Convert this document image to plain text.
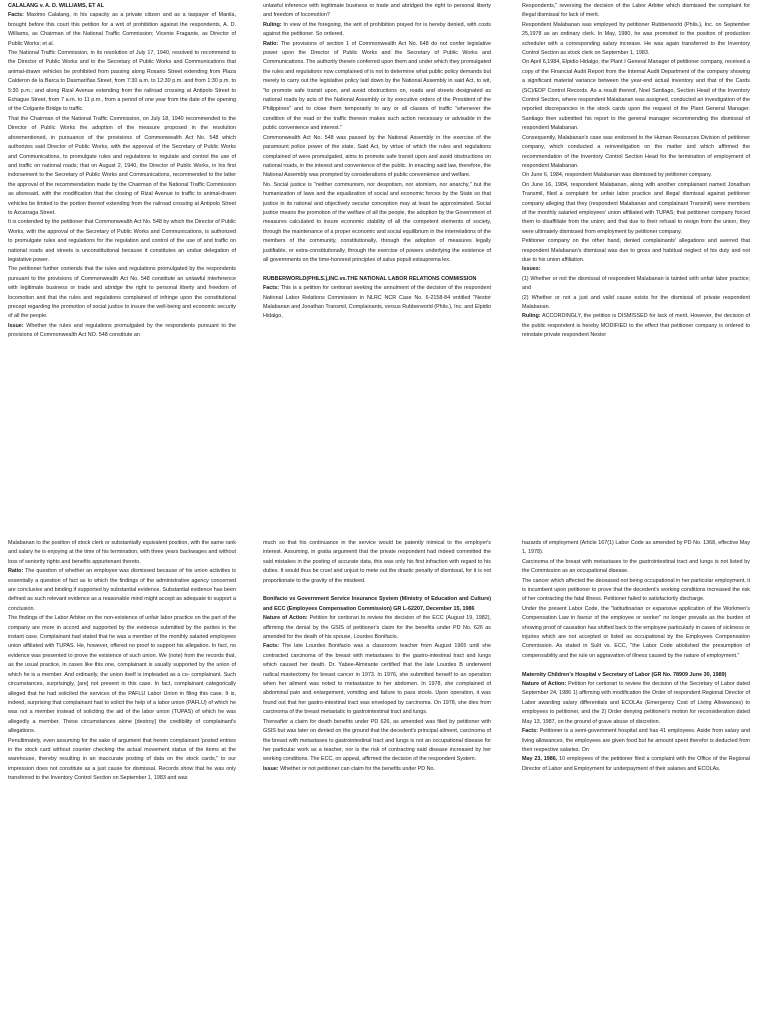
CALALANG v. A. D. WILLIAMS, ET AL

Facts: Maximo Calalang, in his capacity as a private citizen and as a taxpayer of Manila, brought before this court this petition for a writ of prohibition against the respondents, A. D. Williams, as Chairman of the National Traffic Commission; Vicente Fragante, as Director of Public Works; et al.

The National Traffic Commission, in its resolution of July 17, 1940, resolved to recommend to the Director of Public Works and to the Secretary of Public Works and Communications that animal-drawn vehicles be prohibited from passing along Rosario Street extending from Plaza Calderon de la Barca to Dasmariñas Street, from 7:30 a.m. to 12:30 p.m. and from 1:30 p.m. to 5:30 p.m.; and along Rizal Avenue extending from the railroad crossing at Antipolo Street to Echague Street, from 7 a.m. to 11 p.m., from a period of one year from the date of the opening of the Colgante Bridge to traffic.

That the Chairman of the National Traffic Commission, on July 18, 1940 recommended to the Director of Public Works the adoption of the measure proposed in the resolution aforementioned, in pursuance of the provisions of Commonwealth Act No. 548 which authorizes said Director of Public Works, with the approval of the Secretary of Public Works and Communications, to promulgate rules and regulations to regulate and control the use of and traffic on national roads; that on August 2, 1940, the Director of Public Works, in his first indorsement to the Secretary of Public Works and Communications, recommended to the latter the approval of the recommendation made by the Chairman of the National Traffic Commission as aforesaid, with the modification that the closing of Rizal Avenue to traffic to animal-drawn vehicles be limited to the portion thereof extending from the railroad crossing at Antipolo Street to Azcarraga Street.

It is contended by the petitioner that Commonwealth Act No. 548 by which the Director of Public Works, with the approval of the Secretary of Public Works and Communications, is authorized to promulgate rules and regulations for the regulation and control of the use of and traffic on national roads and streets is unconstitutional because it constitutes an undue delegation of legislative power.

The petitioner further contends that the rules and regulations promulgated by the respondents pursuant to the provisions of Commonwealth Act No. 548 constitute an unlawful interference with legitimate business or trade and abridge the right to personal liberty and freedom of locomotion and that the rules and regulations complained of infringe upon the constitutional precept regarding the promotion of social justice to insure the well-being and economic security of all the people.

Issue: Whether the rules and regulations promulgated by the respondents pursuant to the provisions of Commonwealth Act NO. 548 constitute an

unlawful inference with legitimate business or trade and abridged the right to personal liberty and freedom of locomotion?

Ruling: In view of the foregoing, the writ of prohibition prayed for is hereby denied, with costs against the petitioner. So ordered.

Ratio: The provisions of section 1 of Commonwealth Act No. 648 do not confer legislative power upon the Director of Public Works and the Secretary of Public Works and Communications. The authority therein conferred upon them and under which they promulgated the rules and regulations now complained of is not to determine what public policy demands but merely to carry out the legislative policy laid down by the National Assembly in said Act, to wit, "to promote safe transit upon, and avoid obstructions on, roads and streets designated as national roads by acts of the National Assembly or by executive orders of the President of the Philippines" and to close them temporarily to any or all classes of traffic "whenever the condition of the road or the traffic thereon makes such action necessary or advisable in the public convenience and interest."

Commonwealth Act No. 548 was passed by the National Assembly in the exercise of the paramount police power of the state. Said Act, by virtue of which the rules and regulations complained of were promulgated, aims to promote safe transit upon and avoid obstructions on national roads, in the interest and convenience of the public. In enacting said law, therefore, the National Assembly was prompted by considerations of public convenience and welfare.

No. Social justice is "neither communism, nor despotism, nor atomism, nor anarchy," but the humanization of laws and the equalization of social and economic forces by the State so that justice in its rational and objectively secular conception may at least be approximated. Social justice means the promotion of the welfare of all the people, the adoption by the Government of measures calculated to insure economic stability of all the competent elements of society, through the maintenance of a proper economic and social equilibrium in the interrelations of the members of the community, constitutionally, through the adoption of measures legally justifiable, or extra-constitutionally, through the exercise of powers underlying the existence of all governments on the time-honored principles of salus populi estsuprema lex.

RUBBERWORLD(PHILS.),INC.vs.THE NATIONAL LABOR RELATIONS COMMISSION

Facts: This is a petition for certiorari seeking the annulment of the decision of the respondent National Labor Relations Commission in NLRC NCR Case No. 6-2158-84 entitled "Nestor Malabanan and Jonathan Transmil, Complainants, versus Rubberworld (Phils.), Inc. and Elpidio Hidalgo,

Respondents," reversing the decision of the Labor Arbiter which dismissed the complaint for illegal dismissal for lack of merit.

Respondent Malabanan was employed by petitioner Rubberworld (Phils.), Inc. on September 25,1978 as an ordinary clerk. In May, 1980, he was promoted to the position of production scheduler with a corresponding salary increase. He was again transferred to the Inventory Control Section as stock clerk on September 1, 1983.

On April 6,1984, Elpidio Hidalgo, the Plant I General Manager of petitioner company, received a copy of the Financial Audit Report from the Internal Audit Department of the company showing a significant material variance between the year-end actual inventory and that of the Cards (SC)/EDP Control Records. As a result thereof, Noel Santiago, Section Head of the Inventory Control Section, where respondent Malabanan was assigned, conducted an investigation of the reported discrepancies in the stock cards upon the request of the Plant General Manager. Santiago then submitted his report to the general manager recommending the dismissal of respondent Malabanan.

Consequently, Malabanan's case was endorsed to the Human Resources Division of petitioner company, which conducted a reinvestigation on the matter and which affirmed the recommendation of the Inventory Control Section Head for the termination of employment of respondent Malabanan.

On June 6, 1984, respondent Malabanan was dismissed by petitioner company.

On June 16, 1984, respondent Malabanan, along with another complainant named Jonathan Transmil, filed a complaint for unfair labor practice and illegal dismissal against petitioner company alleging that they (respondent Malabanan and complainant Transmil) were members of the monthly salaried employees' union affiliated with TUPAS; that petitioner company forced them to disaffiliate from the union; and that due to their refusal to resign from the union, they were ultimately dismissed from employment by petitioner company.

Petitioner company on the other hand, denied complainants' allegations and averred that respondent Malabanan's dismissal was due to gross and habitual neglect of his duty and not due to his union affiliation.

Issues:

(1) Whether or not the dismissal of respondent Malabanan is tainted with unfair labor practice; and

(2) Whether or not a just and valid cause exists for the dismissal of private respondent Malabanan.

Ruling: ACCORDINGLY, the petition is DISMISSED for lack of merit. However, the decision of the public respondent is hereby MODIFIED to the effect that petitioner company is ordered to reinstate private respondent Nestor

Malabanan to the position of stock clerk or substantially equivalent position, with the same rank and salary he is enjoying at the time of his termination, with three years backwages and without loss of seniority rights and benefits appurtenant thereto.

Ratio: The question of whether an employee was dismissed because of his union activities is essentially a question of fact as to which the findings of the administrative agency concerned are conclusive and binding if supported by substantial evidence. Substantial evidence has been defined as such relevant evidence as a reasonable mind might accept as adequate to support a conclusion.

The findings of the Labor Arbiter on the non-existence of unfair labor practice on the part of the company are more in accord and supported by the evidence submitted by the parties in the instant case. Complainant had stated that he was a member of the monthly salaried employees union affiliated with TUPAS. He, however, offered no proof to support his allegation. In fact, no evidence was presented to prove the existence of such union. We (note) from the records that, as the usual practice, in cases like this one, complainant is usually supported by the union of which he is a member. And ordinarily, the union itself is impleaded as a co- complainant. Such circumstances, surprisingly, [are] not present in this case. In fact, complainant categorically alleged that he had solicited the services of the PAFLU Labor Union in filing this case. It is, indeed, surprising that complainant had to solicit the help of a labor union (PAFLU) of which he was not a member instead of soliciting the aid of the labor union (TUPAS) of which he was allegedly a member. These circumstances alone [destroy] the credibility of complainant's allegations.

Penultimately, even assuming for the sake of argument that herein complainant 'posted entries in the stock card without counter checking the actual movement status of the items at the warehouse, thereby resulting in an inaccurate posting of data on the stock cards," to our impression does not constitute as a just cause for dismissal. Records show that he was only transferred to the Inventory Control Section on September 1, 1983 and was

much so that his continuance in the service would be patently inimical to the employer's interest. Assuming, in gratia argumenti that the private respondent had indeed committed the said mistakes in the posting of accurate data, this was only his first infraction with regard to his duties. It would thus be cruel and unjust to mete out the drastic penalty of dismissal, for it is not proportionate to the gravity of the misdeed.

Bonifacio vs Government Service Insurance System (Ministry of Education and Culture) and ECC (Employees Compensation Commission) GR L-62207, December 15, 1986

Nature of Action: Petition for certiorari to review the decision of the ECC (August 19, 1982), affirming the denial by the GSIS of petitioner's claim for the benefits under PD No. 626 as amended for the death of his spouse, Lourdes Bonifacio.

Facts: The late Lourdes Bonifacio was a classroom teacher from August 1965 until she contracted carcinoma of the breast with metastases to the gastro-intestinal tract and lungs which caused her death. Dr. Yabee-Almirante certified that the late Lourdes B underwent radical mastectomy for breast cancer in 1973. In 1976, she submitted herself to an operation when her ailment was noted to metastasize to her abdomen. In 1978, she complained of abdominal pain and enlargement, vomiting and failure to pass stools. Upon operation, it was found out that her gastro-intestinal tract was enveloped by carcinoma. On 1978, she dies from carcinoma of the breast metastatic to gastrointestinal tract and lungs.

Thereafter a claim for death benefits under PD 626, as amended was filed by petitioner with GSIS but was later on denied on the ground that the decedent's principal ailment, carcinoma of the breast with metastases to gastrointestinal tract and lungs is not an occupational disease for her particular work as a teacher, nor is the risk of contracting said disease increased by her working conditions. The ECC, on appeal, affirmed the decision of the respondent System.

Issue: Whether or not petitioner can claim for the benefits under PD No.

hazards of employment (Article 167(1) Labor Code as amended by PD No. 1368, effective May 1, 1978).

Carcinoma of the breast with metastases to the gastrointestinal tract and lungs is not listed by the Commission as an occupational disease.

The cancer which affected the deceased not being occupational in her particular employment, it is incumbent upon petitioner to prove that the decedent's working conditions increased the risk of her contracting the fatal illness. Petitioner failed to satisfactorily discharge.

Under the present Labor Code, the "latitudinarian or expansive application of the Workmen's Compensation Law in favour of the employee or worker" no longer prevails as the burden of showing proof of causation has shifted back to the employee particularly in cases of sickness or injuries which are not accepted or listed as occupational by the Employees Compensation Commission. As stated in Sulit vs. ECC, "the Labor Code abolished the presumption of compensability and the rule on aggravation of illness caused by the nature of employment."

Maternity Children's Hospital v Secretary of Labor (GR No. 78909 June 30, 1989)

Nature of Action: Petition for certiorari to review the decision of the Secretary of Labor dated September 24, 1986 1) affirming with modification the Order of respondent Regional Director of Labor awarding salary differentials and ECOLAs (Emergency Cost of Living Allowances) to employees to petitioner, and the 2) Order denying petitioner's motion for reconsideration dated May 13, 1987, on the ground of grave abuse of discretion.

Facts: Petitioner is a semi-government hospital and has 41 employees. Aside from salary and living allowances, the employees are given food but he amount spent therefor is deducted from their respective salaries. On

May 23, 1986, 10 employees of the petitioner filed a complaint with the Office of the Regional Director of Labor and Employment for underpayment of their salaries and ECOLAs.
